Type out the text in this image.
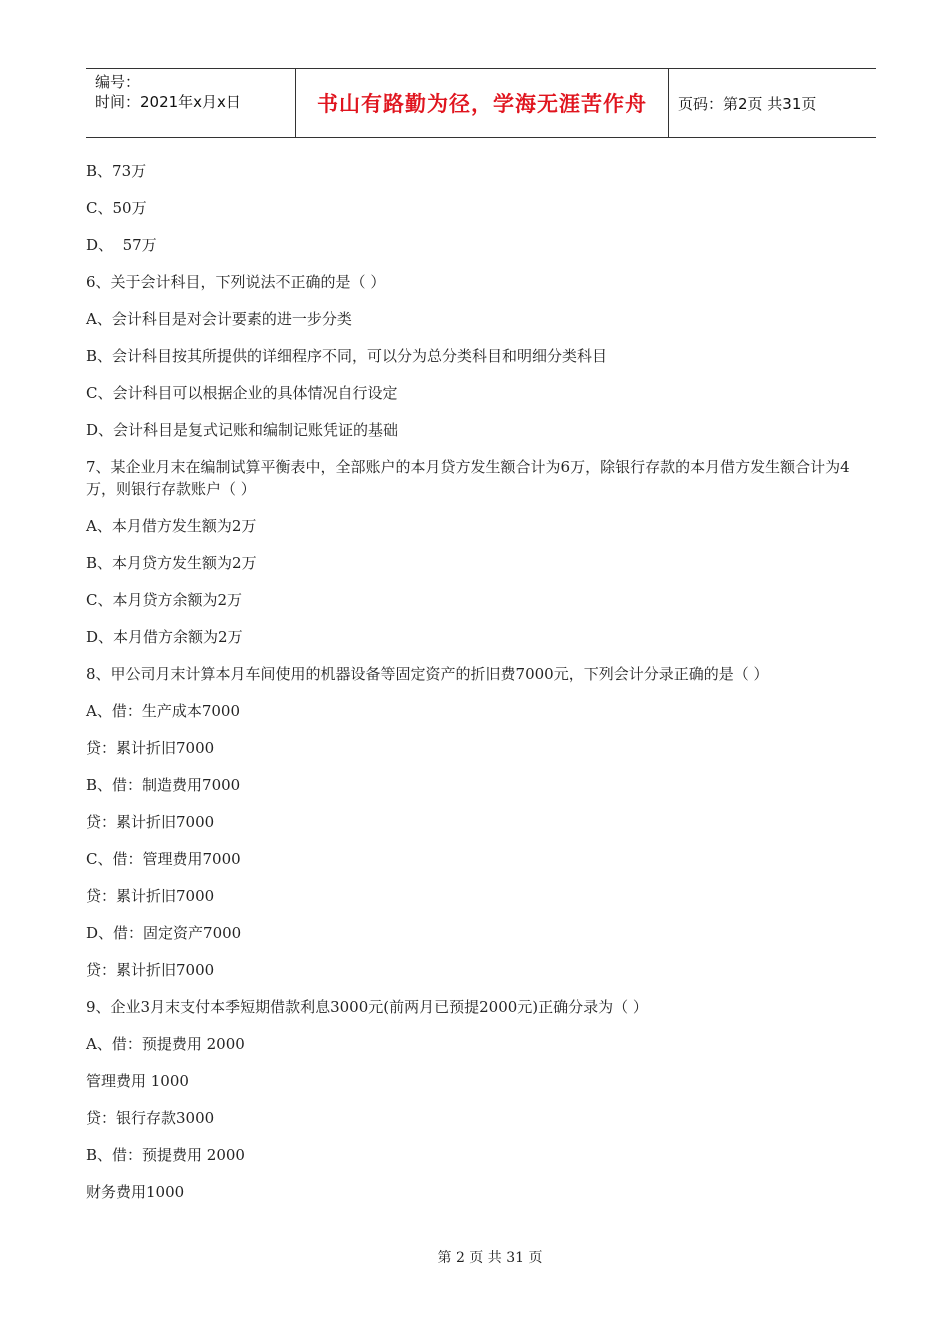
编号：
时间：2021年x月x日	书山有路勤为径，学海无涯苦作舟	页码：第2页 共31页

B、73万

C、50万

D、  57万

6、关于会计科目，下列说法不正确的是（ ）

A、会计科目是对会计要素的进一步分类

B、会计科目按其所提供的详细程序不同，可以分为总分类科目和明细分类科目

C、会计科目可以根据企业的具体情况自行设定

D、会计科目是复式记账和编制记账凭证的基础

7、某企业月末在编制试算平衡表中，全部账户的本月贷方发生额合计为6万，除银行存款的本月借方发生额合计为4万，则银行存款账户（ ）

A、本月借方发生额为2万

B、本月贷方发生额为2万

C、本月贷方余额为2万

D、本月借方余额为2万

8、甲公司月末计算本月车间使用的机器设备等固定资产的折旧费7000元，下列会计分录正确的是（ ）

A、借：生产成本7000

贷：累计折旧7000

B、借：制造费用7000

贷：累计折旧7000

C、借：管理费用7000

贷：累计折旧7000

D、借：固定资产7000

贷：累计折旧7000

9、企业3月末支付本季短期借款利息3000元(前两月已预提2000元)正确分录为（ ）

A、借：预提费用 2000

管理费用 1000

贷：银行存款3000

B、借：预提费用 2000

财务费用1000

第 2 页 共 31 页
